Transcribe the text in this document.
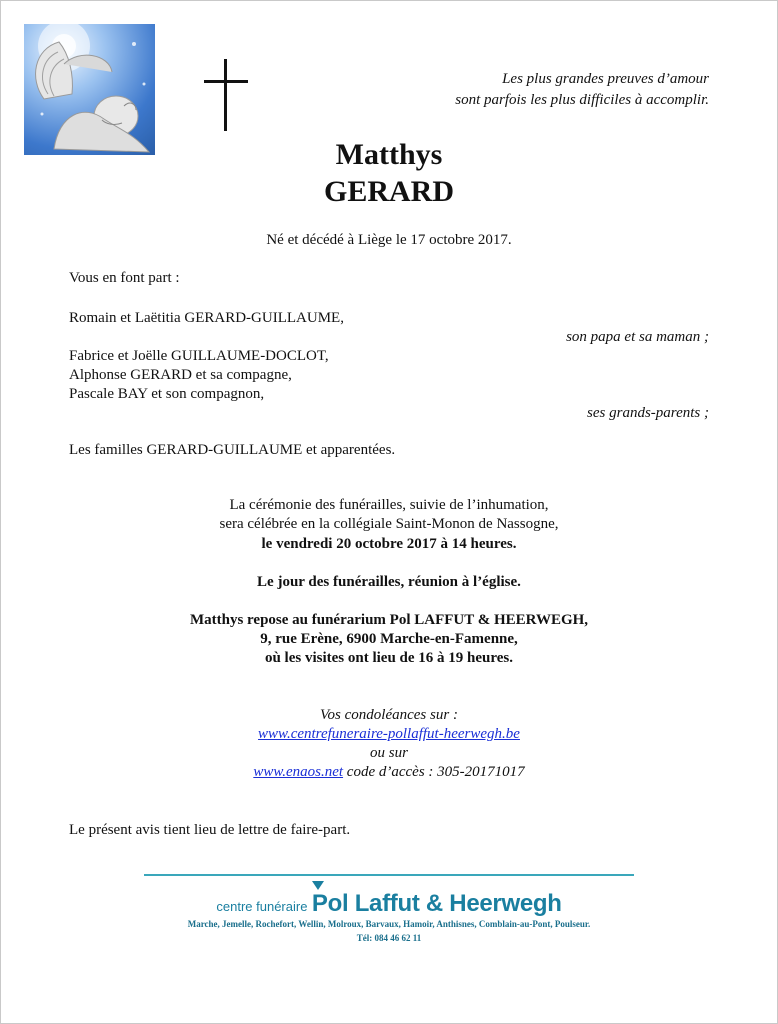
Les plus grandes preuves d’amour
sont parfois les plus difficiles à accomplir.
Matthys
GERARD
Né et décédé à Liège le 17 octobre 2017.
Vous en font part :
Romain et Laëtitia GERARD-GUILLAUME,
son papa et sa maman ;
Fabrice et Joëlle GUILLAUME-DOCLOT,
Alphonse GERARD et sa compagne,
Pascale BAY et son compagnon,
ses grands-parents ;
Les familles GERARD-GUILLAUME et apparentées.
La cérémonie des funérailles, suivie de l’inhumation,
sera célébrée en la collégiale Saint-Monon de Nassogne,
le vendredi 20 octobre 2017 à 14 heures.
Le jour des funérailles, réunion à l’église.
Matthys repose au funérarium Pol LAFFUT & HEERWEGH,
9, rue Erène, 6900 Marche-en-Famenne,
où les visites ont lieu de 16 à 19 heures.
Vos condoléances sur :
www.centrefuneraire-pollaffut-heerwegh.be
ou sur
www.enaos.net code d’accès : 305-20171017
Le présent avis tient lieu de lettre de faire-part.
centre funéraire Pol Laffut & Heerwegh
Marche, Jemelle, Rochefort, Wellin, Molroux, Barvaux, Hamoir, Anthisnes, Comblain-au-Pont, Poulseur.
Tél: 084 46 62 11
